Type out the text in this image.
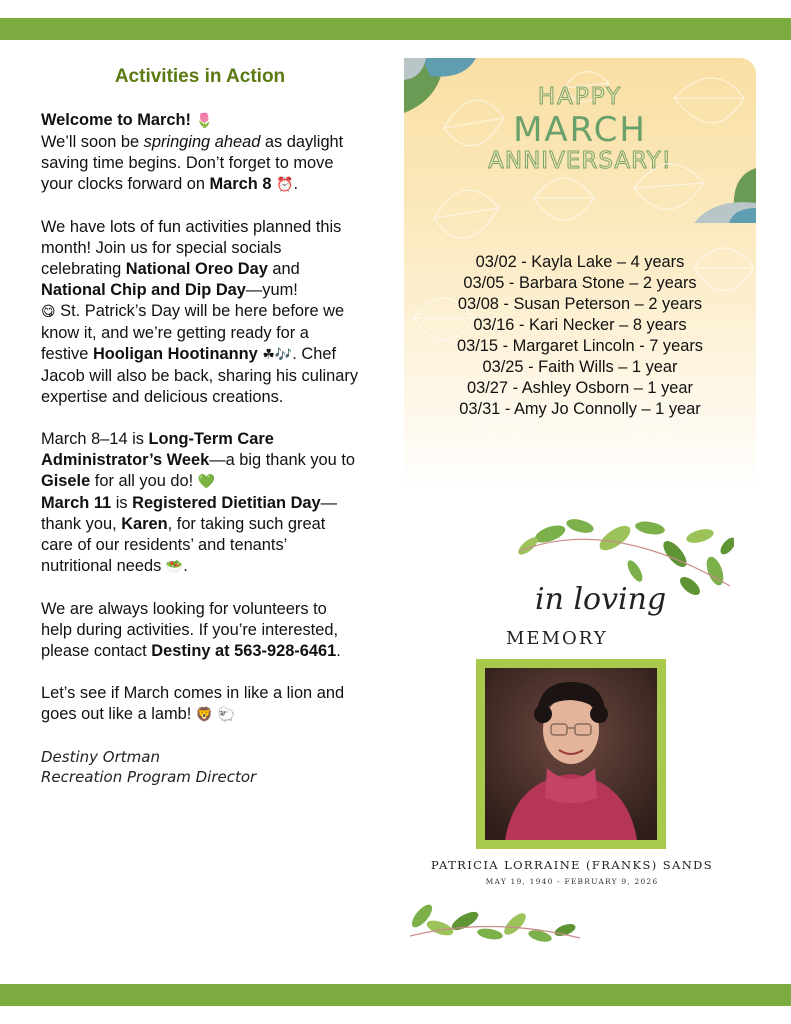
Activities in Action

Welcome to March! 🌷
We’ll soon be springing ahead as daylight saving time begins. Don’t forget to move your clocks forward on March 8 ⏰.

We have lots of fun activities planned this month! Join us for special socials celebrating National Oreo Day and National Chip and Dip Day—yum!
😋 St. Patrick’s Day will be here before we know it, and we’re getting ready for a festive Hooligan Hootinanny ☘🎶. Chef Jacob will also be back, sharing his culinary expertise and delicious creations.

March 8–14 is Long-Term Care Administrator’s Week—a big thank you to Gisele for all you do! 💚
March 11 is Registered Dietitian Day—thank you, Karen, for taking such great care of our residents’ and tenants’ nutritional needs 🥗.

We are always looking for volunteers to help during activities. If you’re interested, please contact Destiny at 563-928-6461.

Let’s see if March comes in like a lion and goes out like a lamb! 🦁 🐑

Destiny Ortman
Recreation Program Director
HAPPY
MARCH
ANNIVERSARY!
03/02 - Kayla Lake – 4 years
03/05 - Barbara Stone – 2 years
03/08 - Susan Peterson – 2 years
03/16 - Kari Necker – 8 years
03/15 - Margaret Lincoln - 7 years
03/25 - Faith Wills – 1 year
03/27 - Ashley Osborn – 1 year
03/31 - Amy Jo Connolly – 1 year
in loving
MEMORY
PATRICIA LORRAINE (FRANKS) SANDS
MAY 19, 1940 - FEBRUARY 9, 2026
